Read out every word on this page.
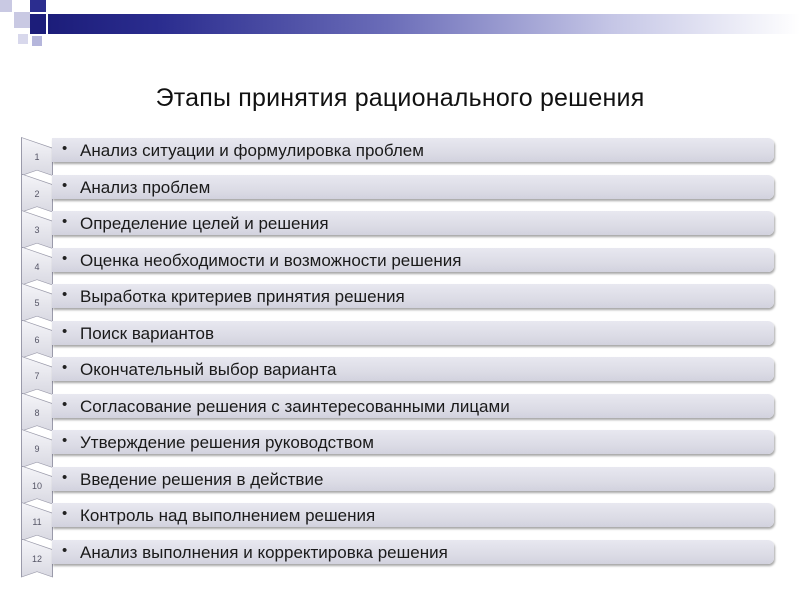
Этапы принятия рационального решения
1	• Анализ ситуации и формулировка проблем
2	• Анализ проблем
3	• Определение целей и решения
4	• Оценка необходимости и возможности решения
5	• Выработка критериев принятия решения
6	• Поиск вариантов
7	• Окончательный выбор варианта
8	• Согласование решения с заинтересованными лицами
9	• Утверждение решения руководством
10	• Введение решения в действие
11	• Контроль над выполнением решения
12	• Анализ выполнения и корректировка решения
